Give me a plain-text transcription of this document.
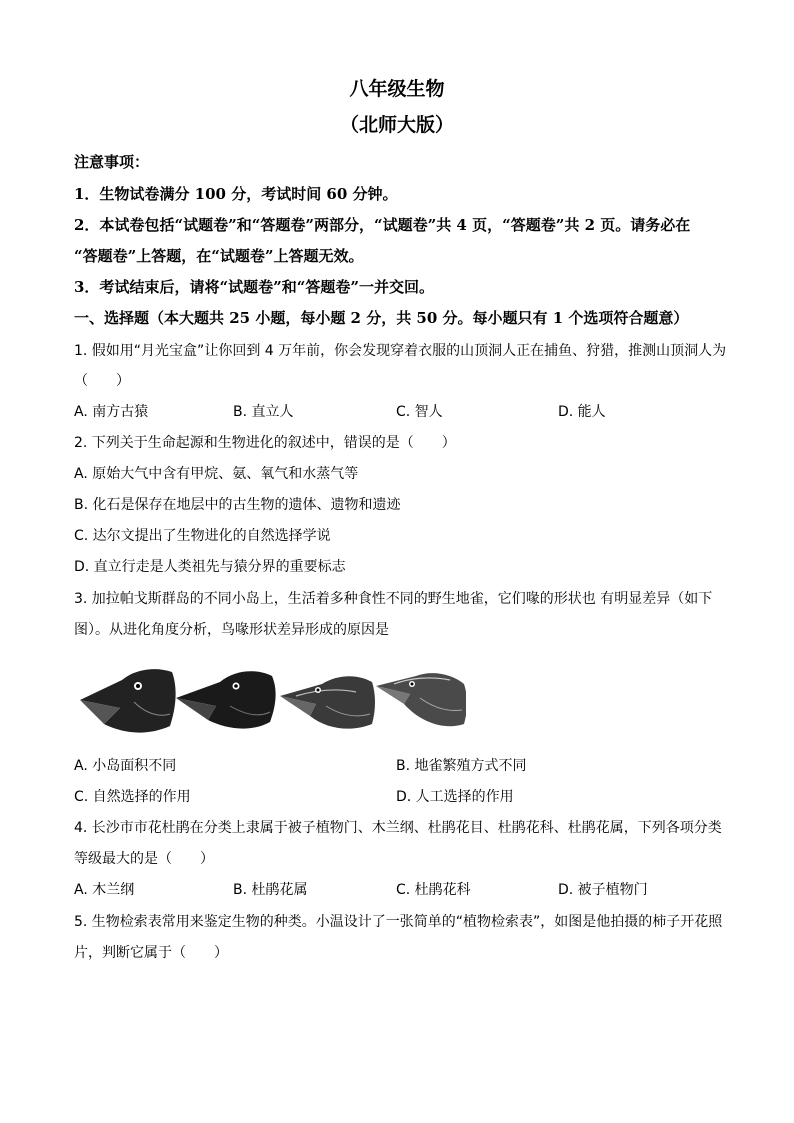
八年级生物
（北师大版）
注意事项：
1．生物试卷满分 100 分，考试时间 60 分钟。
2．本试卷包括“试题卷”和“答题卷”两部分，“试题卷”共 4 页，“答题卷”共 2 页。请务必在
“答题卷”上答题，在“试题卷”上答题无效。
3．考试结束后，请将“试题卷”和“答题卷”一并交回。
一、选择题（本大题共 25 小题，每小题 2 分，共 50 分。每小题只有 1 个选项符合题意）
1. 假如用“月光宝盒”让你回到 4 万年前，你会发现穿着衣服的山顶洞人正在捕鱼、狩猎，推测山顶洞人为
（　　）
A. 南方古猿	B. 直立人	C. 智人	D. 能人
2. 下列关于生命起源和生物进化的叙述中，错误的是（　　）
A. 原始大气中含有甲烷、氨、氧气和水蒸气等
B. 化石是保存在地层中的古生物的遗体、遗物和遗迹
C. 达尔文提出了生物进化的自然选择学说
D. 直立行走是人类祖先与猿分界的重要标志
3. 加拉帕戈斯群岛的不同小岛上，生活着多种食性不同的野生地雀，它们喙的形状也 有明显差异（如下
图）。从进化角度分析，鸟喙形状差异形成的原因是
A. 小岛面积不同	B. 地雀繁殖方式不同
C. 自然选择的作用	D. 人工选择的作用
4. 长沙市市花杜鹃在分类上隶属于被子植物门、木兰纲、杜鹃花目、杜鹃花科、杜鹃花属，下列各项分类
等级最大的是（　　）
A. 木兰纲	B. 杜鹃花属	C. 杜鹃花科	D. 被子植物门
5. 生物检索表常用来鉴定生物的种类。小温设计了一张简单的“植物检索表”，如图是他拍摄的柿子开花照
片，判断它属于（　　）
